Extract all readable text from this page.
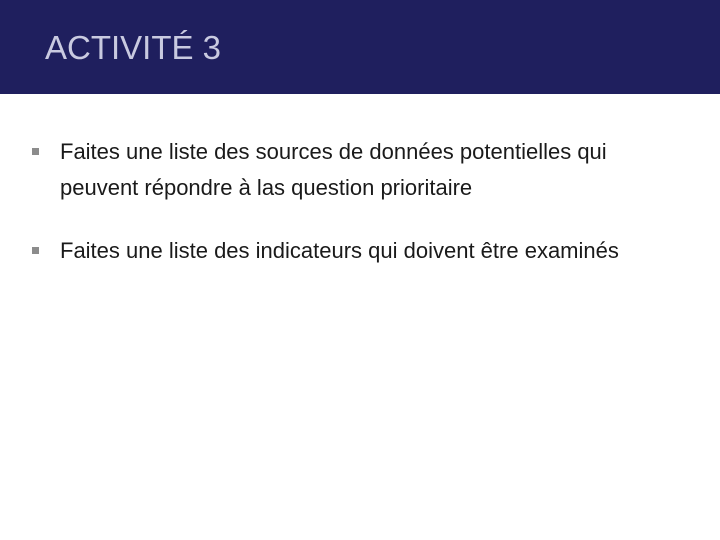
ACTIVITÉ 3
Faites une liste des sources de données potentielles qui peuvent répondre à las question prioritaire
Faites une liste des indicateurs qui doivent être examinés
